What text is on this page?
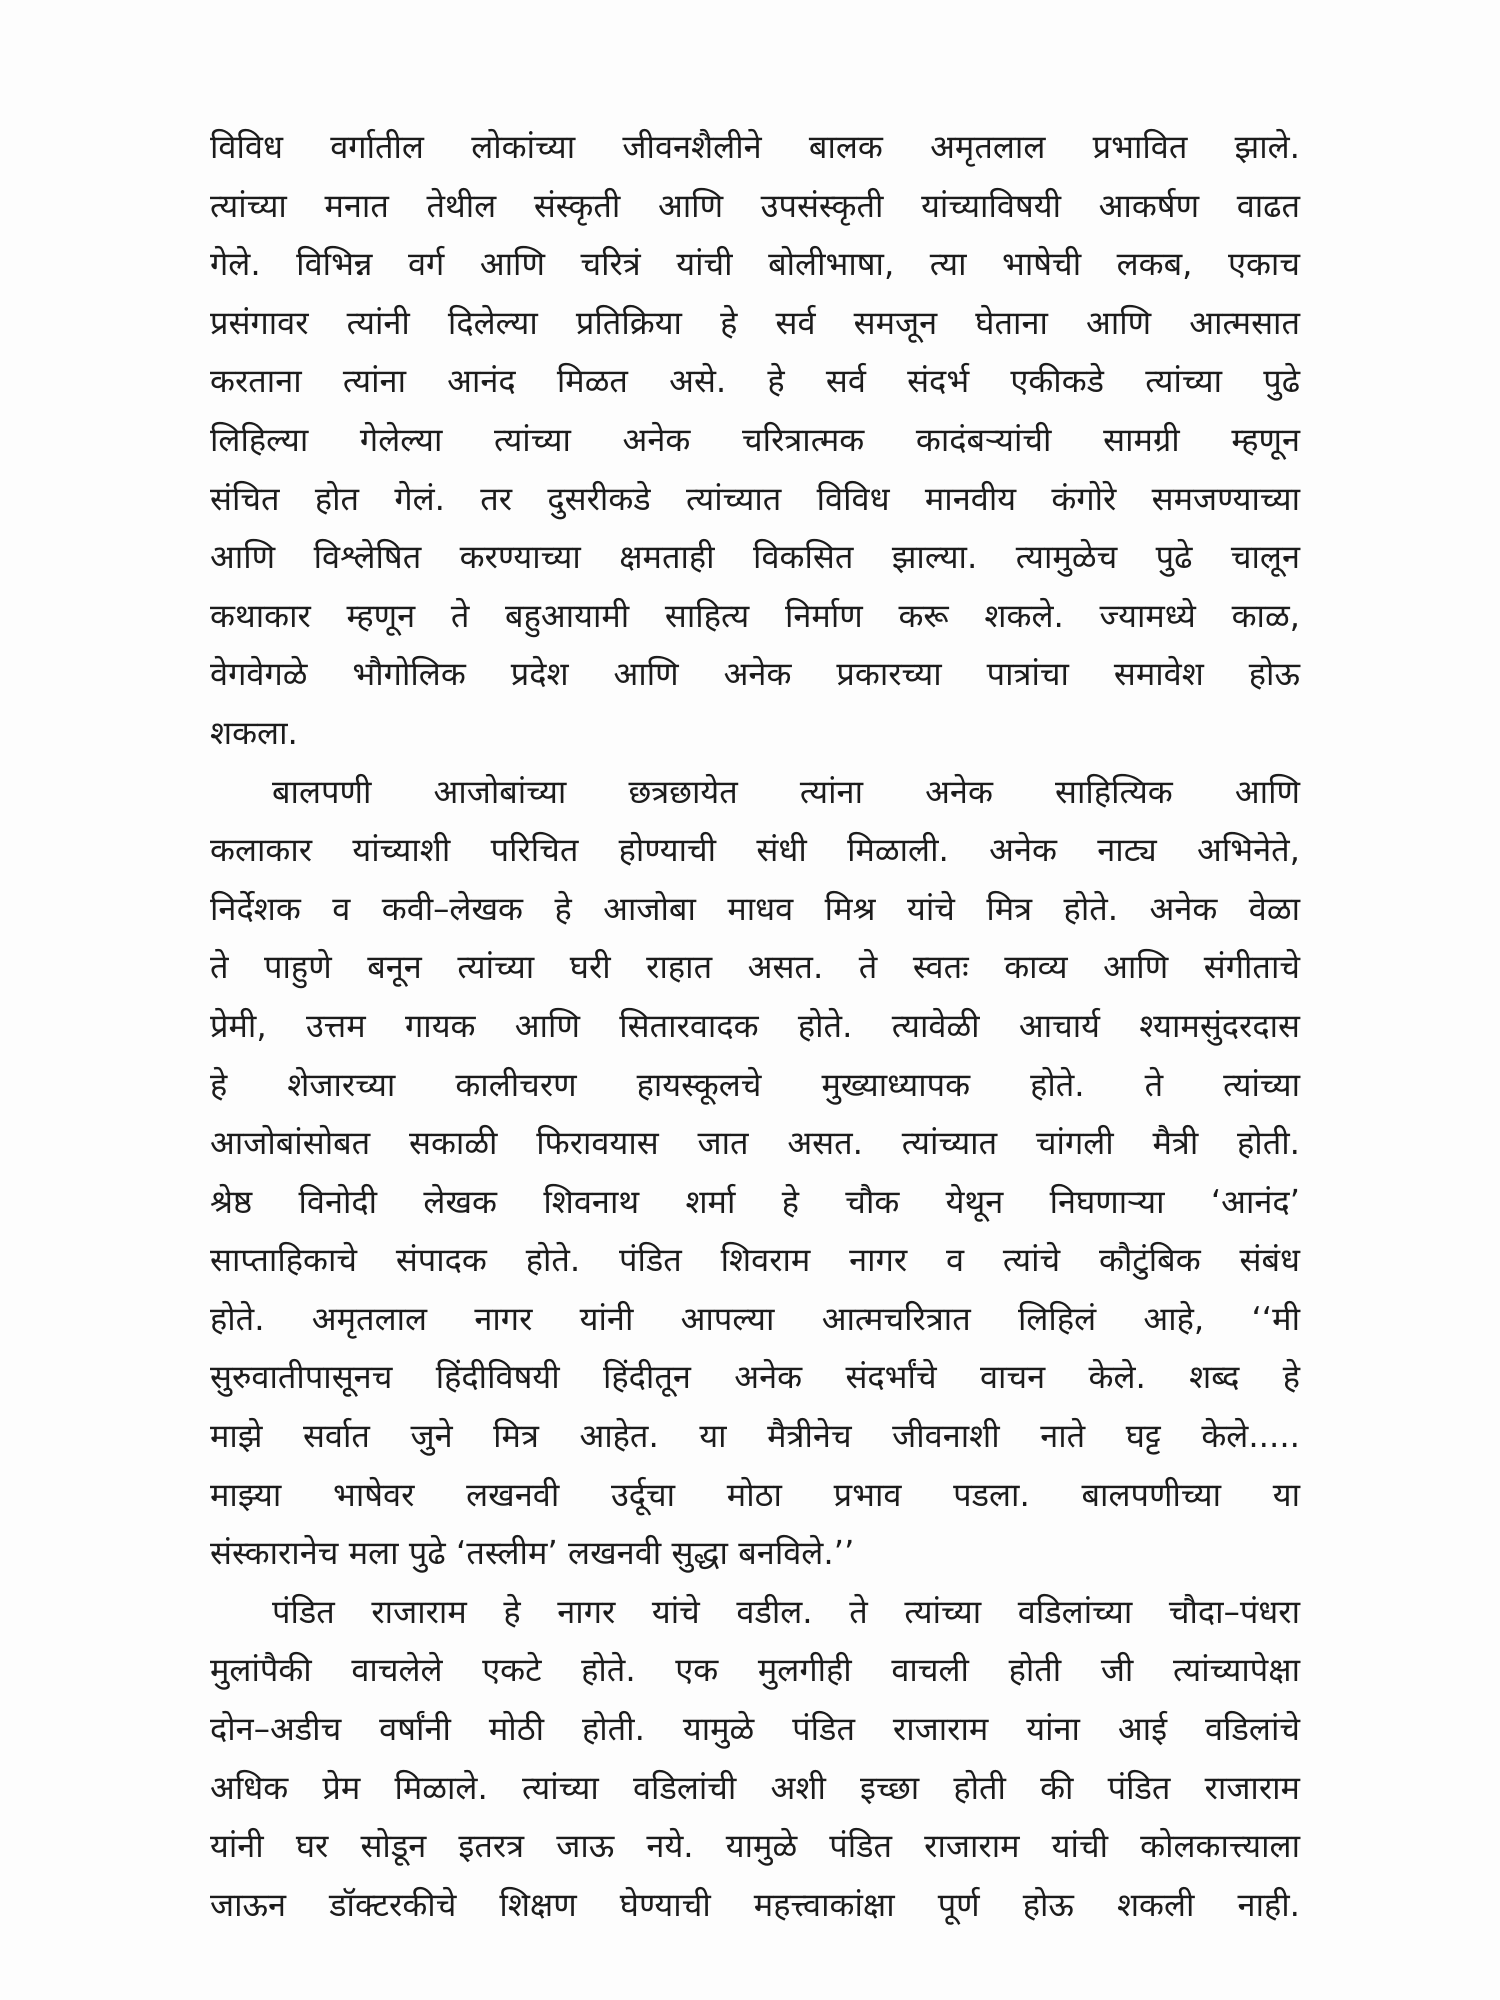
विविध वर्गातील लोकांच्या जीवनशैलीने बालक अमृतलाल प्रभावित झाले.
त्यांच्या मनात तेथील संस्कृती आणि उपसंस्कृती यांच्याविषयी आकर्षण वाढत
गेले. विभिन्न वर्ग आणि चरित्रं यांची बोलीभाषा, त्या भाषेची लकब, एकाच
प्रसंगावर त्यांनी दिलेल्या प्रतिक्रिया हे सर्व समजून घेताना आणि आत्मसात
करताना त्यांना आनंद मिळत असे. हे सर्व संदर्भ एकीकडे त्यांच्या पुढे
लिहिल्या गेलेल्या त्यांच्या अनेक चरित्रात्मक कादंबऱ्यांची सामग्री म्हणून
संचित होत गेलं. तर दुसरीकडे त्यांच्यात विविध मानवीय कंगोरे समजण्याच्या
आणि विश्लेषित करण्याच्या क्षमताही विकसित झाल्या. त्यामुळेच पुढे चालून
कथाकार म्हणून ते बहुआयामी साहित्य निर्माण करू शकले. ज्यामध्ये काळ,
वेगवेगळे भौगोलिक प्रदेश आणि अनेक प्रकारच्या पात्रांचा समावेश होऊ
शकला.
बालपणी आजोबांच्या छत्रछायेत त्यांना अनेक साहित्यिक आणि
कलाकार यांच्याशी परिचित होण्याची संधी मिळाली. अनेक नाट्य अभिनेते,
निर्देशक व कवी–लेखक हे आजोबा माधव मिश्र यांचे मित्र होते. अनेक वेळा
ते पाहुणे बनून त्यांच्या घरी राहात असत. ते स्वतः काव्य आणि संगीताचे
प्रेमी, उत्तम गायक आणि सितारवादक होते. त्यावेळी आचार्य श्यामसुंदरदास
हे शेजारच्या कालीचरण हायस्कूलचे मुख्याध्यापक होते. ते त्यांच्या
आजोबांसोबत सकाळी फिरावयास जात असत. त्यांच्यात चांगली मैत्री होती.
श्रेष्ठ विनोदी लेखक शिवनाथ शर्मा हे चौक येथून निघणाऱ्या ‘आनंद’
साप्ताहिकाचे संपादक होते. पंडित शिवराम नागर व त्यांचे कौटुंबिक संबंध
होते. अमृतलाल नागर यांनी आपल्या आत्मचरित्रात लिहिलं आहे, ‘‘मी
सुरुवातीपासूनच हिंदीविषयी हिंदीतून अनेक संदर्भांचे वाचन केले. शब्द हे
माझे सर्वात जुने मित्र आहेत. या मैत्रीनेच जीवनाशी नाते घट्ट केले.....
माझ्या भाषेवर लखनवी उर्दूचा मोठा प्रभाव पडला. बालपणीच्या या
संस्कारानेच मला पुढे ‘तस्लीम’ लखनवी सुद्धा बनविले.’’
पंडित राजाराम हे नागर यांचे वडील. ते त्यांच्या वडिलांच्या चौदा–पंधरा
मुलांपैकी वाचलेले एकटे होते. एक मुलगीही वाचली होती जी त्यांच्यापेक्षा
दोन–अडीच वर्षांनी मोठी होती. यामुळे पंडित राजाराम यांना आई वडिलांचे
अधिक प्रेम मिळाले. त्यांच्या वडिलांची अशी इच्छा होती की पंडित राजाराम
यांनी घर सोडून इतरत्र जाऊ नये. यामुळे पंडित राजाराम यांची कोलकात्त्याला
जाऊन डॉक्टरकीचे शिक्षण घेण्याची महत्त्वाकांक्षा पूर्ण होऊ शकली नाही.
